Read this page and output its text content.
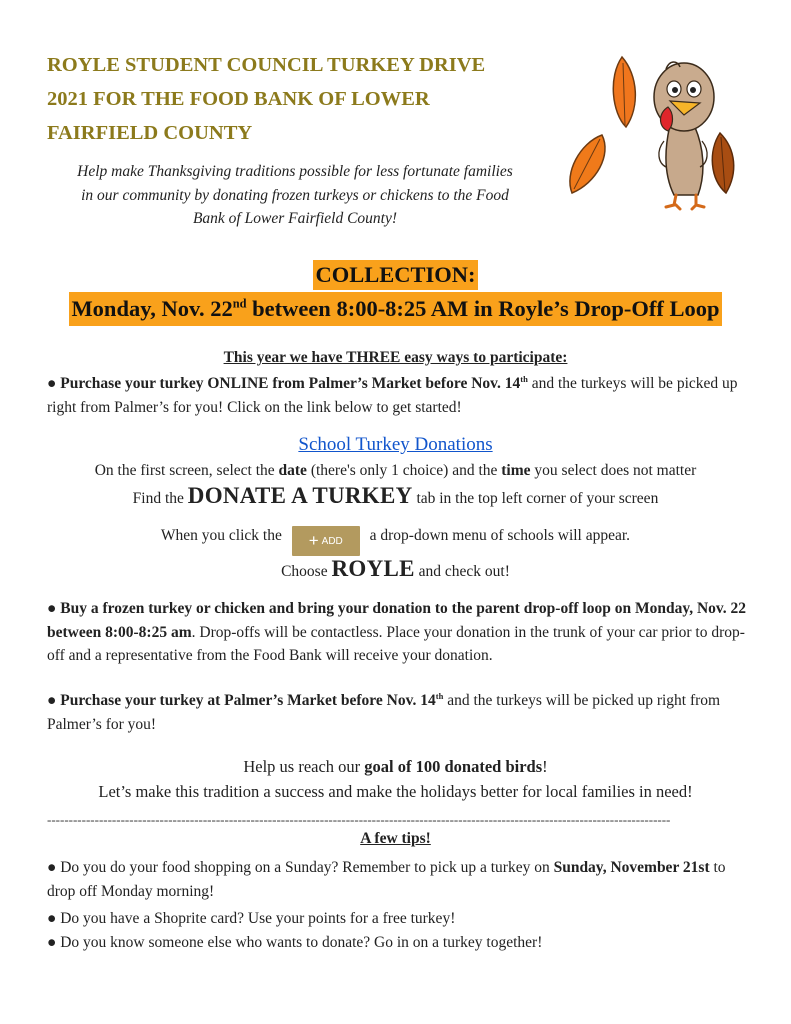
ROYLE STUDENT COUNCIL TURKEY DRIVE
2021 FOR THE FOOD BANK OF LOWER
FAIRFIELD COUNTY

Help make Thanksgiving traditions possible for less fortunate families
in our community by donating frozen turkeys or chickens to the Food
Bank of Lower Fairfield County!

COLLECTION:
Monday, Nov. 22nd between 8:00-8:25 AM in Royle’s Drop-Off Loop
This year we have THREE easy ways to participate:

● Purchase your turkey ONLINE from Palmer’s Market before Nov. 14th and the turkeys will be picked up right from Palmer’s for you! Click on the link below to get started!

School Turkey Donations
On the first screen, select the date (there's only 1 choice) and the time you select does not matter
Find the DONATE A TURKEY tab in the top left corner of your screen
When you click the + ADD a drop-down menu of schools will appear.
Choose ROYLE and check out!

● Buy a frozen turkey or chicken and bring your donation to the parent drop-off loop on Monday, Nov. 22 between 8:00-8:25 am. Drop-offs will be contactless. Place your donation in the trunk of your car prior to drop-off and a representative from the Food Bank will receive your donation.

● Purchase your turkey at Palmer’s Market before Nov. 14th and the turkeys will be picked up right from Palmer’s for you!

Help us reach our goal of 100 donated birds!
Let’s make this tradition a success and make the holidays better for local families in need!
------------------------------------------------------------------------------------------------------------------------------------------------
A few tips!

● Do you do your food shopping on a Sunday? Remember to pick up a turkey on Sunday, November 21st to drop off Monday morning!

● Do you have a Shoprite card? Use your points for a free turkey!

● Do you know someone else who wants to donate? Go in on a turkey together!
